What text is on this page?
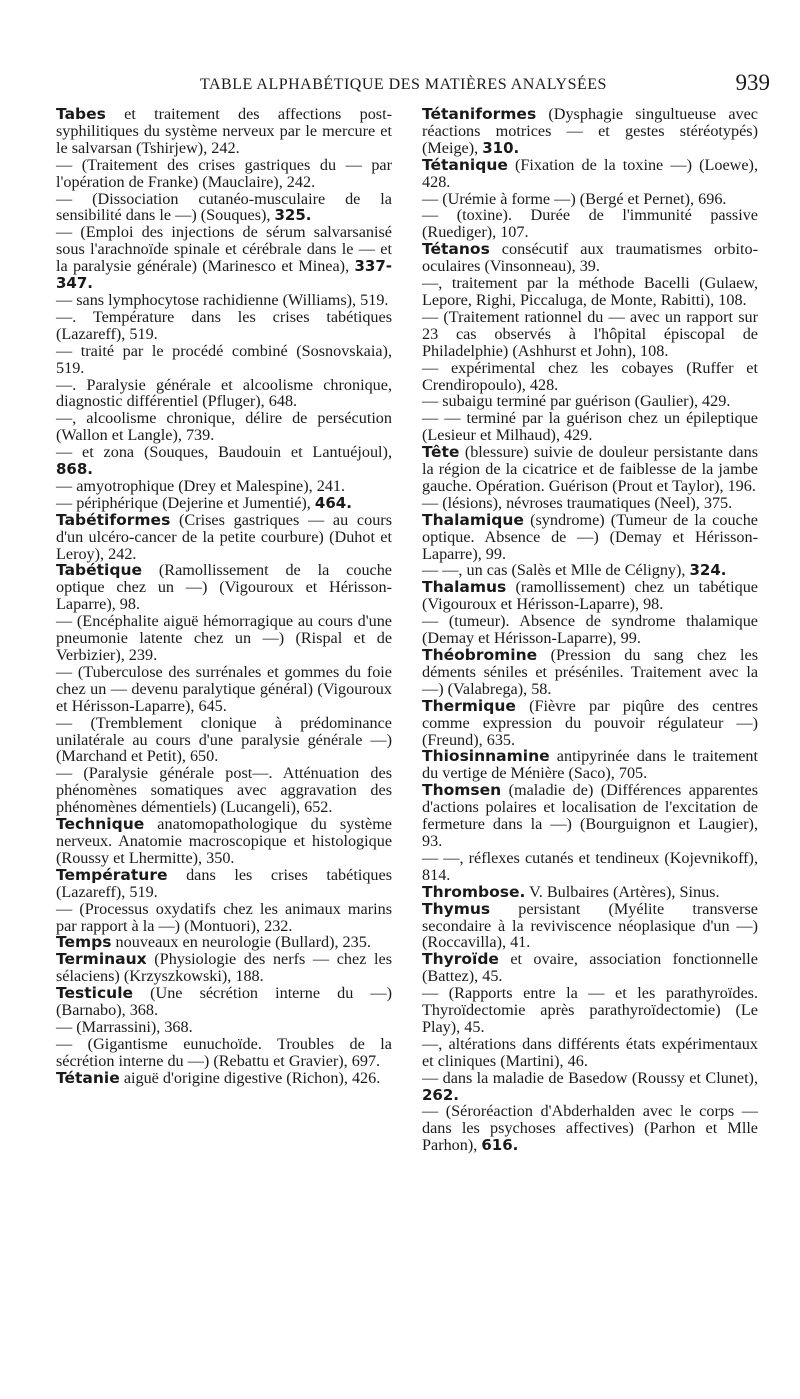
TABLE ALPHABÉTIQUE DES MATIÈRES ANALYSÉES	939

Tabes et traitement des affections post-syphilitiques du système nerveux par le mercure et le salvarsan (Tshirjew), 242.

— (Traitement des crises gastriques du — par l'opération de Franke) (Mauclaire), 242.

— (Dissociation cutanéo-musculaire de la sensibilité dans le —) (Souques), 325.

— (Emploi des injections de sérum salvarsanisé sous l'arachnoïde spinale et cérébrale dans le — et la paralysie générale) (Marinesco et Minea), 337-347.

— sans lymphocytose rachidienne (Williams), 519.

—. Température dans les crises tabétiques (Lazareff), 519.

— traité par le procédé combiné (Sosnovskaia), 519.

—. Paralysie générale et alcoolisme chronique, diagnostic différentiel (Pfluger), 648.

—, alcoolisme chronique, délire de persécution (Wallon et Langle), 739.

— et zona (Souques, Baudouin et Lantuéjoul), 868.

— amyotrophique (Drey et Malespine), 241.

— périphérique (Dejerine et Jumentié), 464.

Tabétiformes (Crises gastriques — au cours d'un ulcéro-cancer de la petite courbure) (Duhot et Leroy), 242.

Tabétique (Ramollissement de la couche optique chez un —) (Vigouroux et Hérisson-Laparre), 98.

— (Encéphalite aiguë hémorragique au cours d'une pneumonie latente chez un —) (Rispal et de Verbizier), 239.

— (Tuberculose des surrénales et gommes du foie chez un — devenu paralytique général) (Vigouroux et Hérisson-Laparre), 645.

— (Tremblement clonique à prédominance unilatérale au cours d'une paralysie générale —) (Marchand et Petit), 650.

— (Paralysie générale post—. Atténuation des phénomènes somatiques avec aggravation des phénomènes démentiels) (Lucangeli), 652.

Technique anatomopathologique du système nerveux. Anatomie macroscopique et histologique (Roussy et Lhermitte), 350.

Température dans les crises tabétiques (Lazareff), 519.

— (Processus oxydatifs chez les animaux marins par rapport à la —) (Montuori), 232.

Temps nouveaux en neurologie (Bullard), 235.

Terminaux (Physiologie des nerfs — chez les sélaciens) (Krzyszkowski), 188.

Testicule (Une sécrétion interne du —) (Barnabo), 368.

— (Marrassini), 368.

— (Gigantisme eunuchoïde. Troubles de la sécrétion interne du —) (Rebattu et Gravier), 697.

Tétanie aiguë d'origine digestive (Richon), 426.

Tétaniformes (Dysphagie singultueuse avec réactions motrices — et gestes stéréotypés) (Meige), 310.

Tétanique (Fixation de la toxine —) (Loewe), 428.

— (Urémie à forme —) (Bergé et Pernet), 696.

— (toxine). Durée de l'immunité passive (Ruediger), 107.

Tétanos consécutif aux traumatismes orbito-oculaires (Vinsonneau), 39.

—, traitement par la méthode Bacelli (Gulaew, Lepore, Righi, Piccaluga, de Monte, Rabitti), 108.

— (Traitement rationnel du — avec un rapport sur 23 cas observés à l'hôpital épiscopal de Philadelphie) (Ashhurst et John), 108.

— expérimental chez les cobayes (Ruffer et Crendiropoulo), 428.

— subaigu terminé par guérison (Gaulier), 429.

— — terminé par la guérison chez un épileptique (Lesieur et Milhaud), 429.

Tête (blessure) suivie de douleur persistante dans la région de la cicatrice et de faiblesse de la jambe gauche. Opération. Guérison (Prout et Taylor), 196.

— (lésions), névroses traumatiques (Neel), 375.

Thalamique (syndrome) (Tumeur de la couche optique. Absence de —) (Demay et Hérisson-Laparre), 99.

— —, un cas (Salès et Mlle de Céligny), 324.

Thalamus (ramollissement) chez un tabétique (Vigouroux et Hérisson-Laparre), 98.

— (tumeur). Absence de syndrome thalamique (Demay et Hérisson-Laparre), 99.

Théobromine (Pression du sang chez les déments séniles et préséniles. Traitement avec la —) (Valabrega), 58.

Thermique (Fièvre par piqûre des centres comme expression du pouvoir régulateur —) (Freund), 635.

Thiosinnamine antipyrinée dans le traitement du vertige de Ménière (Saco), 705.

Thomsen (maladie de) (Différences apparentes d'actions polaires et localisation de l'excitation de fermeture dans la —) (Bourguignon et Laugier), 93.

— —, réflexes cutanés et tendineux (Kojevnikoff), 814.

Thrombose. V. Bulbaires (Artères), Sinus.

Thymus persistant (Myélite transverse secondaire à la reviviscence néoplasique d'un —) (Roccavilla), 41.

Thyroïde et ovaire, association fonctionnelle (Battez), 45.

— (Rapports entre la — et les parathyroïdes. Thyroïdectomie après parathyroïdectomie) (Le Play), 45.

—, altérations dans différents états expérimentaux et cliniques (Martini), 46.

— dans la maladie de Basedow (Roussy et Clunet), 262.

— (Séroréaction d'Abderhalden avec le corps — dans les psychoses affectives) (Parhon et Mlle Parhon), 616.
